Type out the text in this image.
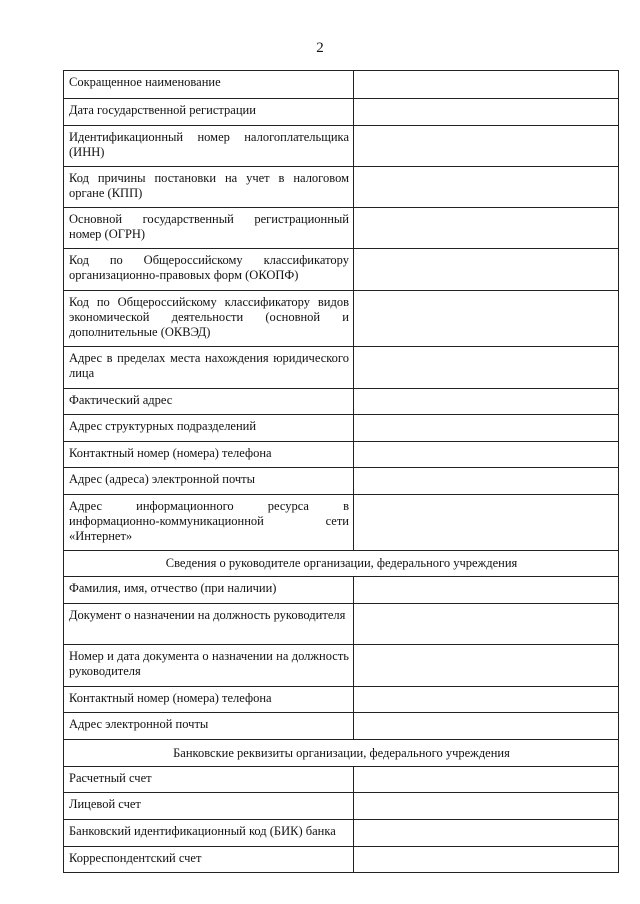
2
Сокращенное наименование	
Дата государственной регистрации	
Идентификационный номер налогоплательщика (ИНН)	
Код причины постановки на учет в налоговом органе (КПП)	
Основной государственный регистрационный номер (ОГРН)	
Код по Общероссийскому классификатору организационно-правовых форм (ОКОПФ)	
Код по Общероссийскому классификатору видов экономической деятельности (основной и дополнительные (ОКВЭД)	
Адрес в пределах места нахождения юридического лица	
Фактический адрес	
Адрес структурных подразделений	
Контактный номер (номера) телефона	
Адрес (адреса) электронной почты	
Адрес информационного ресурса в информационно-коммуникационной сети «Интернет»	
Сведения о руководителе организации, федерального учреждения	
Фамилия, имя, отчество (при наличии)	
Документ о назначении на должность руководителя	
Номер и дата документа о назначении на должность руководителя	
Контактный номер (номера) телефона	
Адрес электронной почты	
Банковские реквизиты организации, федерального учреждения	
Расчетный счет	
Лицевой счет	
Банковский идентификационный код (БИК) банка	
Корреспондентский счет	
